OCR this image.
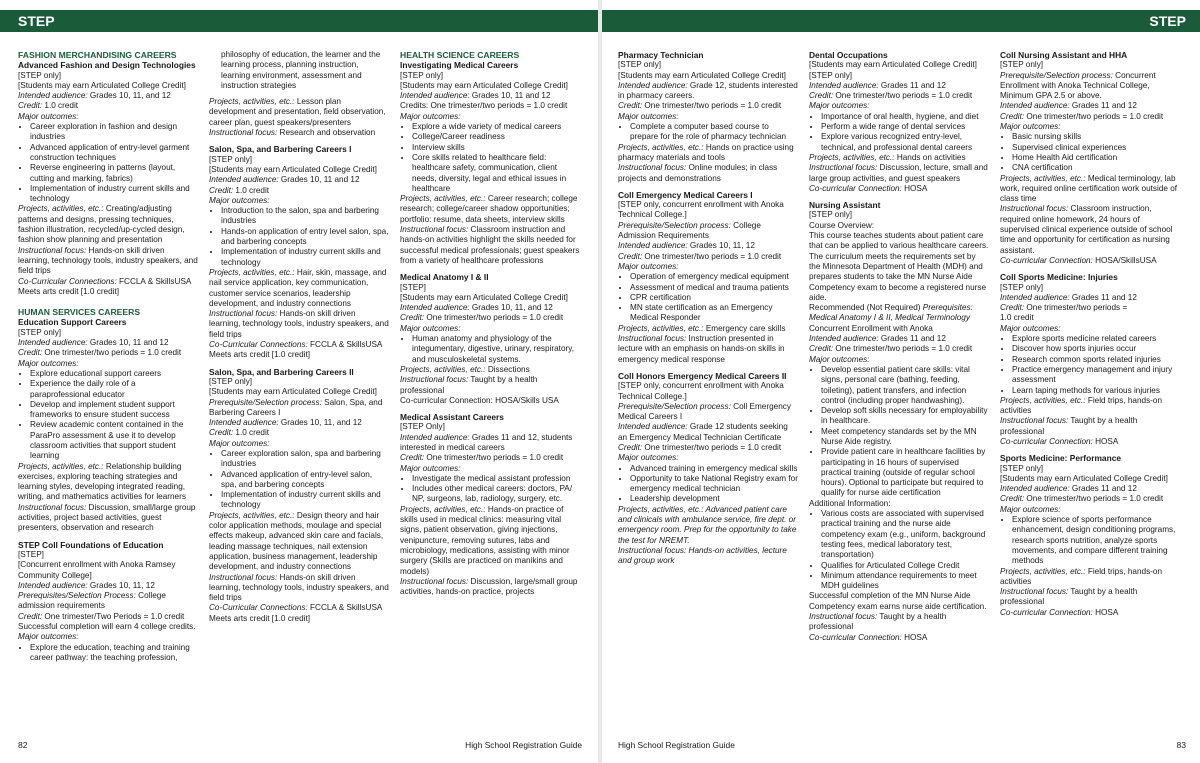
STEP

FASHION MERCHANDISING CAREERS

Advanced Fashion and Design Technologies

[STEP only]

[Students may earn Articulated College Credit]

Intended audience: Grades 10, 11, and 12

Credit: 1.0 credit

Major outcomes:

• Career exploration in fashion and design industries
• Advanced application of entry-level garment construction techniques
• Reverse engineering in patterns (layout, cutting and marking, fabrics)
• Implementation of industry current skills and technology

Projects, activities, etc.: Creating/adjusting patterns and designs, pressing techniques, fashion illustration, recycled/up-cycled design, fashion show planning and presentation

Instructional focus: Hands-on skill driven learning, technology tools, industry speakers, and field trips

Co-Curricular Connections: FCCLA & SkillsUSA

Meets arts credit [1.0 credit]

HUMAN SERVICES CAREERS

Education Support Careers

[STEP only]

Intended audience: Grades 10, 11 and 12

Credit: One trimester/two periods = 1.0 credit

Major outcomes:

• Explore educational support careers
• Experience the daily role of a paraprofessional educator
• Develop and implement student support frameworks to ensure student success
• Review academic content contained in the ParaPro assessment & use it to develop classroom activities that support student learning

Projects, activities, etc.: Relationship building exercises, exploring teaching strategies and learning styles, developing integrated reading, writing, and mathematics activities for learners

Instructional focus: Discussion, small/large group activities, project based activities, guest presenters, observation and research

STEP Coll Foundations of Education

[STEP]

[Concurrent enrollment with Anoka Ramsey Community College]

Intended audience: Grades 10, 11, 12

Prerequisites/Selection Process: College admission requirements

Credit: One trimester/Two Periods = 1.0 credit

Successful completion will earn 4 college credits.

Major outcomes:

• Explore the education, teaching and training career pathway: the teaching profession,
philosophy of education, the learner and the learning process, planning instruction, learning environment, assessment and instruction strategies

Projects, activities, etc.: Lesson plan development and presentation, field observation, career plan, guest speakers/presenters

Instructional focus: Research and observation

Salon, Spa, and Barbering Careers I

[STEP only]

[Students may earn Articulated College Credit]

Intended audience: Grades 10, 11 and 12

Credit: 1.0 credit

Major outcomes:

• Introduction to the salon, spa and barbering industries
• Hands-on application of entry level salon, spa, and barbering concepts
• Implementation of industry current skills and technology

Projects, activities, etc.: Hair, skin, massage, and nail service application, key communication, customer service scenarios, leadership development, and industry connections

Instructional focus: Hands-on skill driven learning, technology tools, industry speakers, and field trips

Co-Curricular Connections: FCCLA & SkillsUSA

Meets arts credit [1.0 credit]

Salon, Spa, and Barbering Careers II

[STEP only]

[Students may earn Articulated College Credit]

Prerequisite/Selection process: Salon, Spa, and Barbering Careers I

Intended audience: Grades 10, 11, and 12

Credit: 1.0 credit

Major outcomes:

• Career exploration salon, spa and barbering industries
• Advanced application of entry-level salon, spa, and barbering concepts
• Implementation of industry current skills and technology

Projects, activities, etc.: Design theory and hair color application methods, moulage and special effects makeup, advanced skin care and facials, leading massage techniques, nail extension application, business management, leadership development, and industry connections

Instructional focus: Hands-on skill driven learning, technology tools, industry speakers, and field trips

Co-Curricular Connections: FCCLA & SkillsUSA

Meets arts credit [1.0 credit]

HEALTH SCIENCE CAREERS

Investigating Medical Careers

[STEP only]

[Students may earn Articulated College Credit]

Intended audience: Grades 10, 11 and 12

Credits: One trimester/two periods = 1.0 credit

Major outcomes:

• Explore a wide variety of medical careers
• College/Career readiness
• Interview skills
• Core skills related to healthcare field: healthcare safety, communication, client needs, diversity, legal and ethical issues in healthcare

Projects, activities, etc.: Career research; college research; college/career shadow opportunities; portfolio: resume, data sheets, interview skills

Instructional focus: Classroom instruction and hands-on activities highlight the skills needed for successful medical professionals; guest speakers from a variety of healthcare professions

Medical Anatomy I & II

[STEP]

[Students may earn Articulated College Credit]

Intended audience: Grades 10, 11, and 12

Credit: One trimester/two periods = 1.0 credit

Major outcomes:

• Human anatomy and physiology of the integumentary, digestive, urinary, respiratory, and musculoskeletal systems.

Projects, activities, etc.: Dissections

Instructional focus: Taught by a health professional

Co-curricular Connection: HOSA/Skills USA

Medical Assistant Careers

[STEP Only]

Intended audience: Grades 11 and 12, students interested in medical careers

Credit: One trimester/two periods = 1.0 credit

Major outcomes:

• Investigate the medical assistant profession
• Includes other medical careers: doctors, PA/ NP, surgeons, lab, radiology, surgery, etc.

Projects, activities, etc.: Hands-on practice of skills used in medical clinics: measuring vital signs, patient observation, giving injections, venipuncture, removing sutures, labs and microbiology, medications, assisting with minor surgery (Skills are practiced on manikins and models)

Instructional focus: Discussion, large/small group activities, hands-on practice, projects

82	High School Registration Guide
STEP

Pharmacy Technician

[STEP only]

[Students may earn Articulated College Credit]

Intended audience: Grade 12, students interested in pharmacy careers.

Credit: One trimester/two periods = 1.0 credit

Major outcomes:

• Complete a computer based course to prepare for the role of pharmacy technician

Projects, activities, etc.: Hands on practice using pharmacy materials and tools

Instructional focus: Online modules; in class projects and demonstrations

Coll Emergency Medical Careers I

[STEP only, concurrent enrollment with Anoka Technical College.]

Prerequisite/Selection process: College Admission Requirements

Intended audience: Grades 10, 11, 12

Credit: One trimester/two periods = 1.0 credit

Major outcomes:

• Operation of emergency medical equipment
• Assessment of medical and trauma patients
• CPR certification
• MN state certification as an Emergency Medical Responder

Projects, activities, etc.: Emergency care skills

Instructional focus: Instruction presented in lecture with an emphasis on hands-on skills in emergency medical response

Coll Honors Emergency Medical Careers II

[STEP only, concurrent enrollment with Anoka Technical College.]

Prerequisite/Selection process: Coll Emergency Medical Careers I

Intended audience: Grade 12 students seeking an Emergency Medical Technician Certificate

Credit: One trimester/two periods = 1.0 credit

Major outcomes:

• Advanced training in emergency medical skills
• Opportunity to take National Registry exam for emergency medical technician
• Leadership development

Projects, activities, etc.: Advanced patient care and clinicals with ambulance service, fire dept. or emergency room. Prep for the opportunity to take the test for NREMT.

Instructional focus: Hands-on activities, lecture and group work

Dental Occupations

[Students may earn Articulated College Credit]

[STEP only]

Intended audience: Grades 11 and 12

Credit: One trimester/two periods = 1.0 credit

Major outcomes:

• Importance of oral health, hygiene, and diet
• Perform a wide range of dental services
• Explore various recognized entry-level, technical, and professional dental careers

Projects, activities, etc.: Hands on activities

Instructional focus: Discussion, lecture, small and large group activities, and guest speakers

Co-curricular Connection: HOSA

Nursing Assistant

[STEP only]

Course Overview:

This course teaches students about patient care that can be applied to various healthcare careers. The curriculum meets the requirements set by the Minnesota Department of Health (MDH) and prepares students to take the MN Nurse Aide Competency exam to become a registered nurse aide.

Recommended (Not Required) Prerequisites:

Medical Anatomy I & II, Medical Terminology

Concurrent Enrollment with Anoka

Intended audience: Grades 11 and 12

Credit: One trimester/two periods = 1.0 credit

Major outcomes:

• Develop essential patient care skills: vital signs, personal care (bathing, feeding, toileting), patient transfers, and infection control (including proper handwashing).
• Develop soft skills necessary for employability in healthcare.
• Meet competency standards set by the MN Nurse Aide registry.
• Provide patient care in healthcare facilities by participating in 16 hours of supervised practical training (outside of regular school hours). Optional to participate but required to qualify for nurse aide certification

Additional Information:

• Various costs are associated with supervised practical training and the nurse aide competency exam (e.g., uniform, background testing fees, medical laboratory test, transportation)
• Qualifies for Articulated College Credit
• Minimum attendance requirements to meet MDH guidelines

Successful completion of the MN Nurse Aide Competency exam earns nurse aide certification.

Instructional focus: Taught by a health professional

Co-curricular Connection: HOSA

Coll Nursing Assistant and HHA

[STEP only]

Prerequisite/Selection process: Concurrent Enrollment with Anoka Technical College, Minimum GPA 2.5 or above.

Intended audience: Grades 11 and 12

Credit: One trimester/two periods = 1.0 credit

Major outcomes:

• Basic nursing skills
• Supervised clinical experiences
• Home Health Aid certification
• CNA certification

Projects, activities, etc.: Medical terminology, lab work, required online certification work outside of class time

Instructional focus: Classroom instruction, required online homework, 24 hours of supervised clinical experience outside of school time and opportunity for certification as nursing assistant.

Co-curricular Connection: HOSA/SkillsUSA

Coll Sports Medicine: Injuries

[STEP only]

Intended audience: Grades 11 and 12

Credit: One trimester/two periods =

1.0 credit

Major outcomes:

• Explore sports medicine related careers
• Discover how sports injuries occur
• Research common sports related injuries
• Practice emergency management and injury assessment
• Learn taping methods for various injuries

Projects, activities, etc.: Field trips, hands-on activities

Instructional focus: Taught by a health professional

Co-curricular Connection: HOSA

Sports Medicine: Performance

[STEP only]

[Students may earn Articulated College Credit]

Intended audience: Grades 11 and 12

Credit: One trimester/two periods = 1.0 credit

Major outcomes:

• Explore science of sports performance enhancement, design conditioning programs, research sports nutrition, analyze sports movements, and compare different training methods

Projects, activities, etc.: Field trips, hands-on activities

Instructional focus: Taught by a health professional

Co-curricular Connection: HOSA

High School Registration Guide	83
